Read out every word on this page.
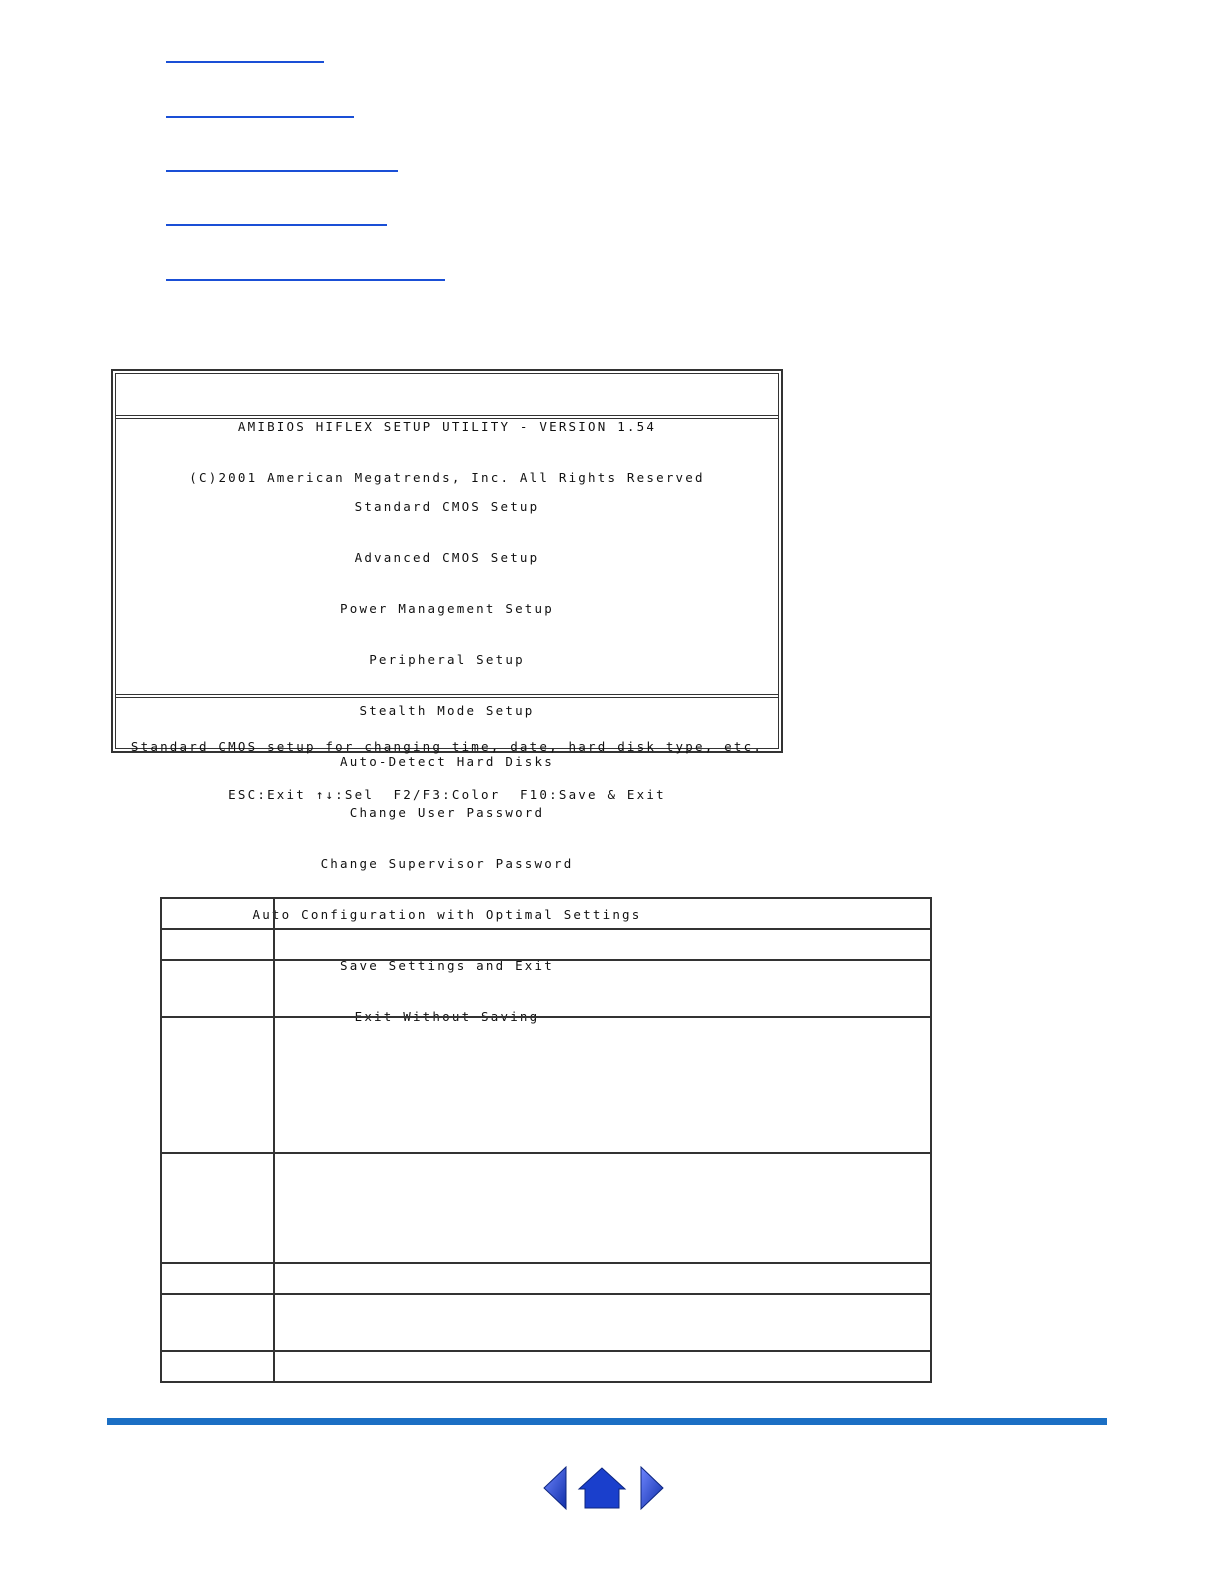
AMIBIOS HIFLEX SETUP UTILITY - VERSION 1.54

(C)2001 American Megatrends, Inc. All Rights Reserved

Standard CMOS Setup

Advanced CMOS Setup

Power Management Setup

Peripheral Setup

Stealth Mode Setup

Auto-Detect Hard Disks

Change User Password

Change Supervisor Password

Auto Configuration with Optimal Settings

Save Settings and Exit

Exit Without Saving

Standard CMOS setup for changing time, date, hard disk type, etc.

ESC:Exit ↑↓:Sel  F2/F3:Color  F10:Save & Exit
